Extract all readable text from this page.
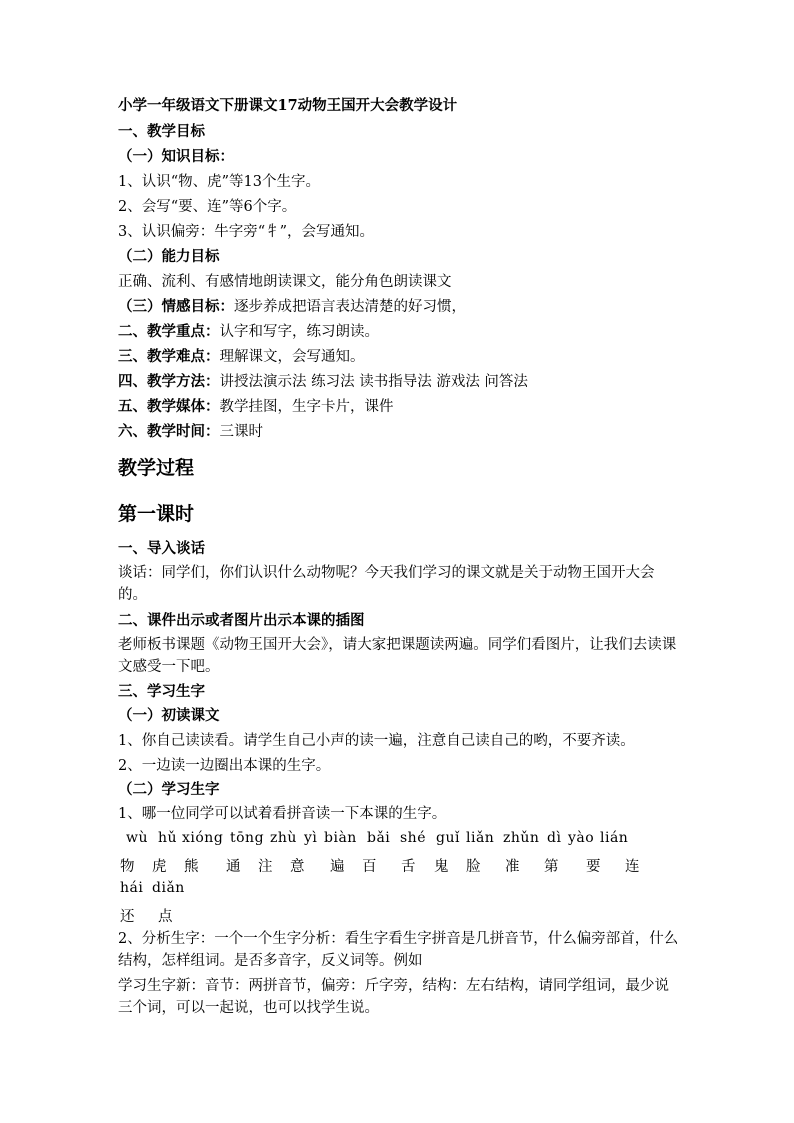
小学一年级语文下册课文17动物王国开大会教学设计
一、教学目标
（一）知识目标：
1、认识“物、虎”等13个生字。
2、会写“要、连”等6个字。
3、认识偏旁：牛字旁“牜”，会写通知。
（二）能力目标
正确、流利、有感情地朗读课文，能分角色朗读课文
（三）情感目标：逐步养成把语言表达清楚的好习惯，
二、教学重点：认字和写字，练习朗读。
三、教学难点：理解课文，会写通知。
四、教学方法：讲授法演示法 练习法 读书指导法 游戏法 问答法
五、教学媒体：教学挂图，生字卡片，课件
六、教学时间：三课时
教学过程
第一课时
一、导入谈话
谈话：同学们，你们认识什么动物呢？今天我们学习的课文就是关于动物王国开大会的。
二、课件出示或者图片出示本课的插图
老师板书课题《动物王国开大会》，请大家把课题读两遍。同学们看图片，让我们去读课文感受一下吧。
三、学习生字
（一）初读课文
1、你自己读读看。请学生自己小声的读一遍，注意自己读自己的哟，不要齐读。
2、一边读一边圈出本课的生字。
（二）学习生字
1、哪一位同学可以试着看拼音读一下本课的生字。
wù hǔ xióng tōng zhù yì biàn bǎi shé guǐ liǎn zhǔn dì yào lián
物 虎 熊 通 注 意 遍 百 舌 鬼 脸 准 第 要 连
hái diǎn
还 点
2、分析生字：一个一个生字分析：看生字看生字拼音是几拼音节，什么偏旁部首，什么结构，怎样组词。是否多音字，反义词等。例如
学习生字新：音节：两拼音节，偏旁：斤字旁，结构：左右结构，请同学组词，最少说三个词，可以一起说，也可以找学生说。
